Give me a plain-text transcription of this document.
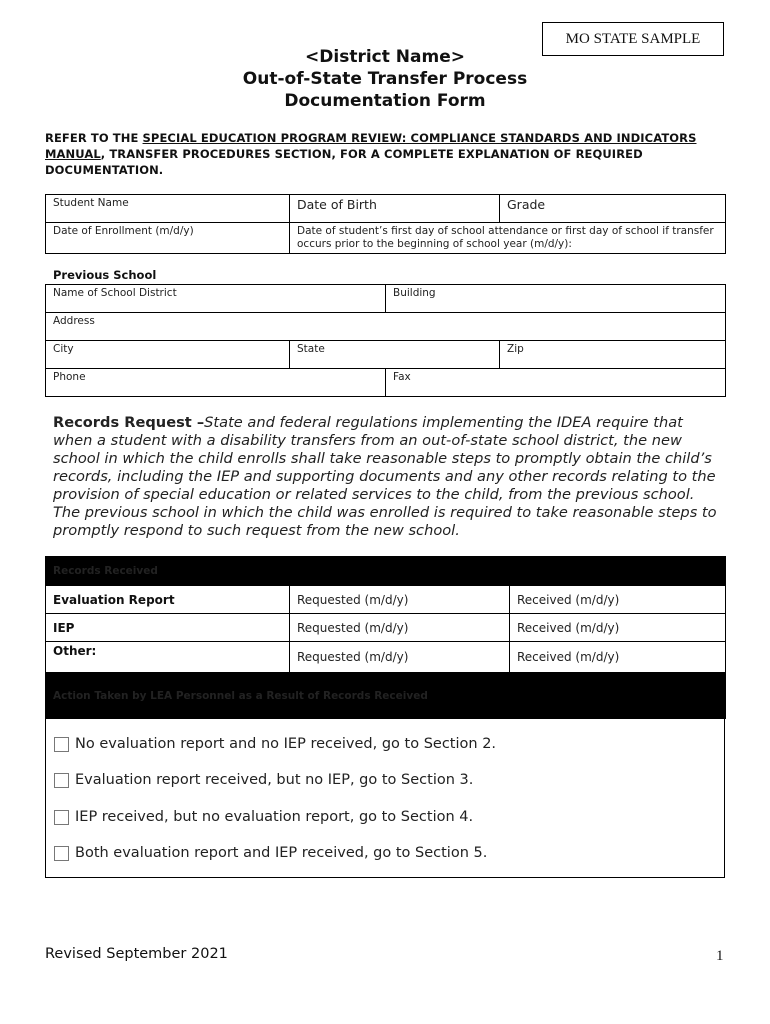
MO STATE SAMPLE
<District Name>
Out-of-State Transfer Process
Documentation Form
REFER TO THE SPECIAL EDUCATION PROGRAM REVIEW: COMPLIANCE STANDARDS AND INDICATORS MANUAL, TRANSFER PROCEDURES SECTION, FOR A COMPLETE EXPLANATION OF REQUIRED DOCUMENTATION.
Student Name	Date of Birth	Grade
Date of Enrollment (m/d/y)	Date of student’s first day of school attendance or first day of school if transfer occurs prior to the beginning of school year (m/d/y):	
Previous School
Name of School District		Building	
Address			
City	State		Zip
Phone		Fax	
Records Request –State and federal regulations implementing the IDEA require that when a student with a disability transfers from an out-of-state school district, the new school in which the child enrolls shall take reasonable steps to promptly obtain the child’s records, including the IEP and supporting documents and any other records relating to the provision of special education or related services to the child, from the previous school. The previous school in which the child was enrolled is required to take reasonable steps to promptly respond to such request from the new school.
Records Received		
Evaluation Report	Requested (m/d/y)	Received (m/d/y)
IEP	Requested (m/d/y)	Received (m/d/y)
Other:	Requested (m/d/y)	Received (m/d/y)
Action Taken by LEA Personnel as a Result of Records Received		
No evaluation report and no IEP received, go to Section 2.
Evaluation report received, but no IEP, go to Section 3.
IEP received, but no evaluation report, go to Section 4.
Both evaluation report and IEP received, go to Section 5.
Revised September 2021	1
